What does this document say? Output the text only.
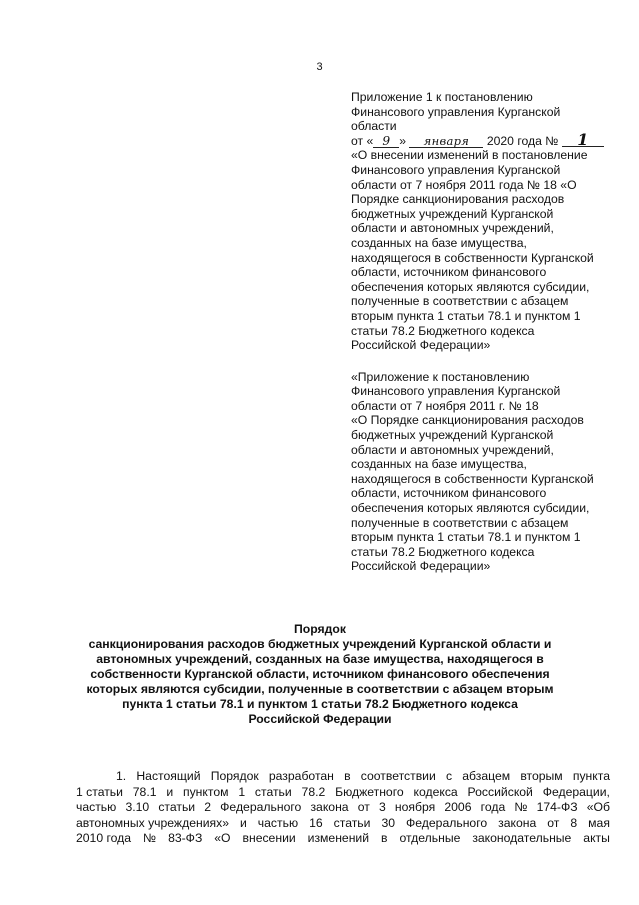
3
Приложение 1 к постановлению
Финансового управления Курганской
области
от « 9 » января 2020 года № 1
«О внесении изменений в постановление
Финансового управления Курганской
области от 7 ноября 2011 года № 18 «О
Порядке санкционирования расходов
бюджетных учреждений Курганской
области и автономных учреждений,
созданных на базе имущества,
находящегося в собственности Курганской
области, источником финансового
обеспечения которых являются субсидии,
полученные в соответствии с абзацем
вторым пункта 1 статьи 78.1 и пунктом 1
статьи 78.2 Бюджетного кодекса
Российской Федерации»
«Приложение к постановлению
Финансового управления Курганской
области от 7 ноября 2011 г. № 18
«О Порядке санкционирования расходов
бюджетных учреждений Курганской
области и автономных учреждений,
созданных на базе имущества,
находящегося в собственности Курганской
области, источником финансового
обеспечения которых являются субсидии,
полученные в соответствии с абзацем
вторым пункта 1 статьи 78.1 и пунктом 1
статьи 78.2 Бюджетного кодекса
Российской Федерации»
Порядок
санкционирования расходов бюджетных учреждений Курганской области и
автономных учреждений, созданных на базе имущества, находящегося в
собственности Курганской области, источником финансового обеспечения
которых являются субсидии, полученные в соответствии с абзацем вторым
пункта 1 статьи 78.1 и пунктом 1 статьи 78.2 Бюджетного кодекса
Российской Федерации
1. Настоящий Порядок разработан в соответствии с абзацем вторым пункта
1 статьи 78.1 и пунктом 1 статьи 78.2 Бюджетного кодекса Российской Федерации,
частью 3.10 статьи 2 Федерального закона от 3 ноября 2006 года № 174-ФЗ «Об
автономных учреждениях» и частью 16 статьи 30 Федерального закона от 8 мая
2010 года № 83-ФЗ «О внесении изменений в отдельные законодательные акты
